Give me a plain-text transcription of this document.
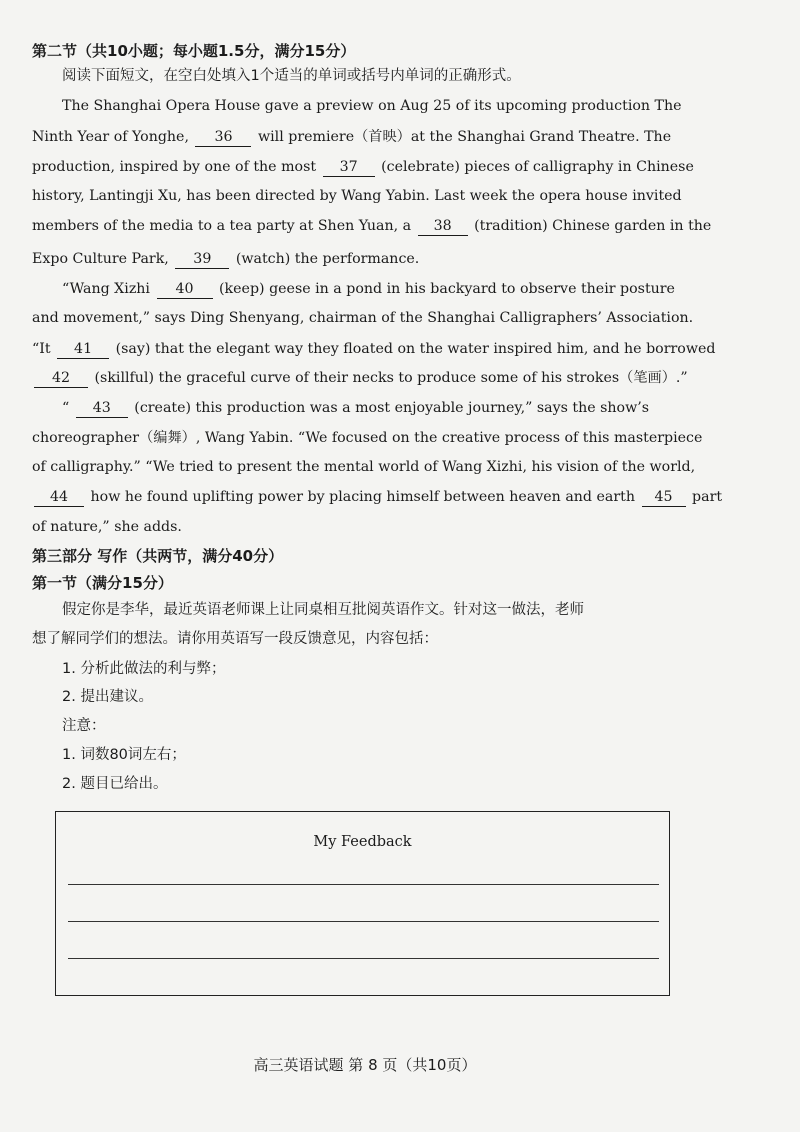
第二节（共10小题；每小题1.5分，满分15分）
阅读下面短文，在空白处填入1个适当的单词或括号内单词的正确形式。
The Shanghai Opera House gave a preview on Aug 25 of its upcoming production The
Ninth Year of Yonghe, 36 will premiere（首映）at the Shanghai Grand Theatre. The
production, inspired by one of the most 37 (celebrate) pieces of calligraphy in Chinese
history, Lantingji Xu, has been directed by Wang Yabin. Last week the opera house invited
members of the media to a tea party at Shen Yuan, a 38 (tradition) Chinese garden in the
Expo Culture Park, 39 (watch) the performance.
“Wang Xizhi 40 (keep) geese in a pond in his backyard to observe their posture
and movement,” says Ding Shenyang, chairman of the Shanghai Calligraphers’ Association.
“It 41 (say) that the elegant way they floated on the water inspired him, and he borrowed
42 (skillful) the graceful curve of their necks to produce some of his strokes（笔画）.”
“ 43 (create) this production was a most enjoyable journey,” says the show’s
choreographer（编舞）, Wang Yabin. “We focused on the creative process of this masterpiece
of calligraphy.” “We tried to present the mental world of Wang Xizhi, his vision of the world,
44 how he found uplifting power by placing himself between heaven and earth 45 part
of nature,” she adds.
第三部分 写作（共两节，满分40分）
第一节（满分15分）
假定你是李华，最近英语老师课上让同桌相互批阅英语作文。针对这一做法，老师
想了解同学们的想法。请你用英语写一段反馈意见，内容包括：
1. 分析此做法的利与弊；
2. 提出建议。
注意：
1. 词数80词左右；
2. 题目已给出。
My Feedback
高三英语试题 第 8 页（共10页）
